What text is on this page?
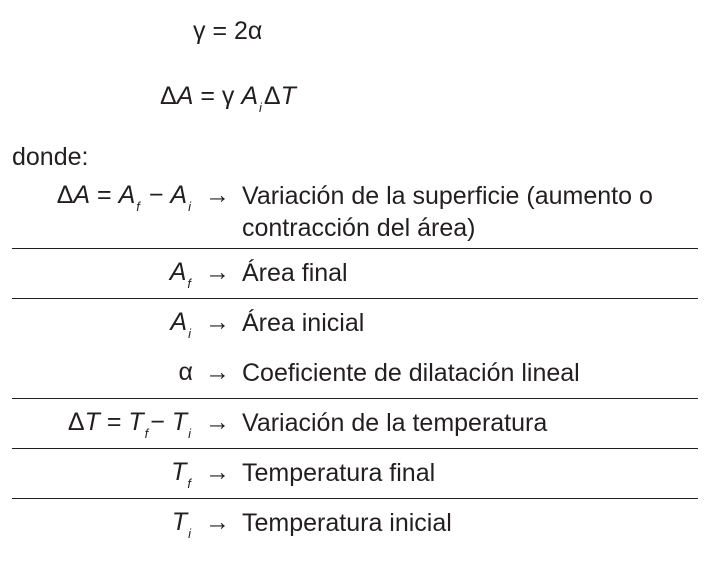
γ = 2α
ΔA = γ $A_i\Delta T$
donde:
$\Delta A = A_f - A_i$ → Variación de la superficie (aumento o contracción del área)
$A_f$ → Área final
$A_i$ → Área inicial
α → Coeficiente de dilatación lineal
$\Delta T = T_f- T_i$ → Variación de la temperatura
$T_f$ → Temperatura final
$T_i$ → Temperatura inicial
